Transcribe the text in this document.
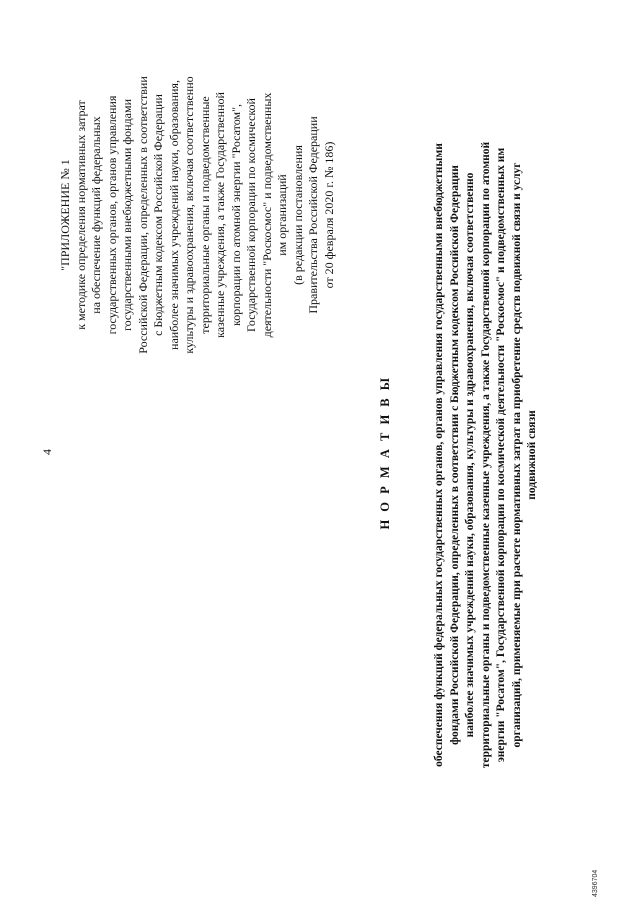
4

"ПРИЛОЖЕНИЕ № 1 к методике определения нормативных затрат на обеспечение функций федеральных государственных органов, органов управления государственными внебюджетными фондами Российской Федерации, определенных в соответствии с Бюджетным кодексом Российской Федерации наиболее значимых учреждений науки, образования, культуры и здравоохранения, включая соответственно территориальные органы и подведомственные казенные учреждения, а также Государственной корпорации по атомной энергии "Росатом", Государственной корпорации по космической деятельности "Роскосмос" и подведомственных им организаций (в редакции постановления Правительства Российской Федерации от 20 февраля 2020 г. № 186)

Н О Р М А Т И В Ы	обеспечения функций федеральных государственных органов, органов управления государственными внебюджетными фондами Российской Федерации, определенных в соответствии с Бюджетным кодексом Российской Федерации наиболее значимых учреждений науки, образования, культуры и здравоохранения, включая соответственно территориальные органы и подведомственные казенные учреждения, а также Государственной корпорации по атомной энергии "Росатом", Государственной корпорации по космической деятельности "Роскосмос" и подведомственных им организаций, применяемые при расчете нормативных затрат на приобретение средств подвижной связи и услуг подвижной связи

4396704
